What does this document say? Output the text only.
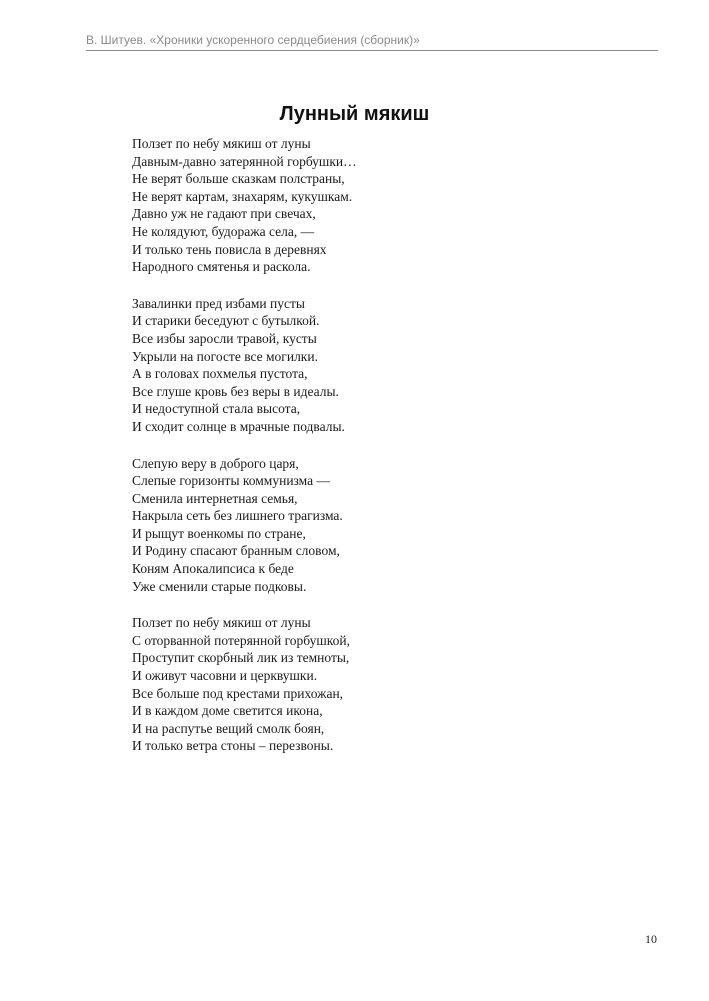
В. Шитуев. «Хроники ускоренного сердцебиения (сборник)»
Лунный мякиш
Ползет по небу мякиш от луны
Давным-давно затерянной горбушки…
Не верят больше сказкам полстраны,
Не верят картам, знахарям, кукушкам.
Давно уж не гадают при свечах,
Не колядуют, будоража села, —
И только тень повисла в деревнях
Народного смятенья и раскола.
Завалинки пред избами пусты
И старики беседуют с бутылкой.
Все избы заросли травой, кусты
Укрыли на погосте все могилки.
А в головах похмелья пустота,
Все глуше кровь без веры в идеалы.
И недоступной стала высота,
И сходит солнце в мрачные подвалы.
Слепую веру в доброго царя,
Слепые горизонты коммунизма —
Сменила интернетная семья,
Накрыла сеть без лишнего трагизма.
И рыщут военкомы по стране,
И Родину спасают бранным словом,
Коням Апокалипсиса к беде
Уже сменили старые подковы.
Ползет по небу мякиш от луны
С оторванной потерянной горбушкой,
Проступит скорбный лик из темноты,
И оживут часовни и церквушки.
Все больше под крестами прихожан,
И в каждом доме светится икона,
И на распутье вещий смолк боян,
И только ветра стоны – перезвоны.
10
